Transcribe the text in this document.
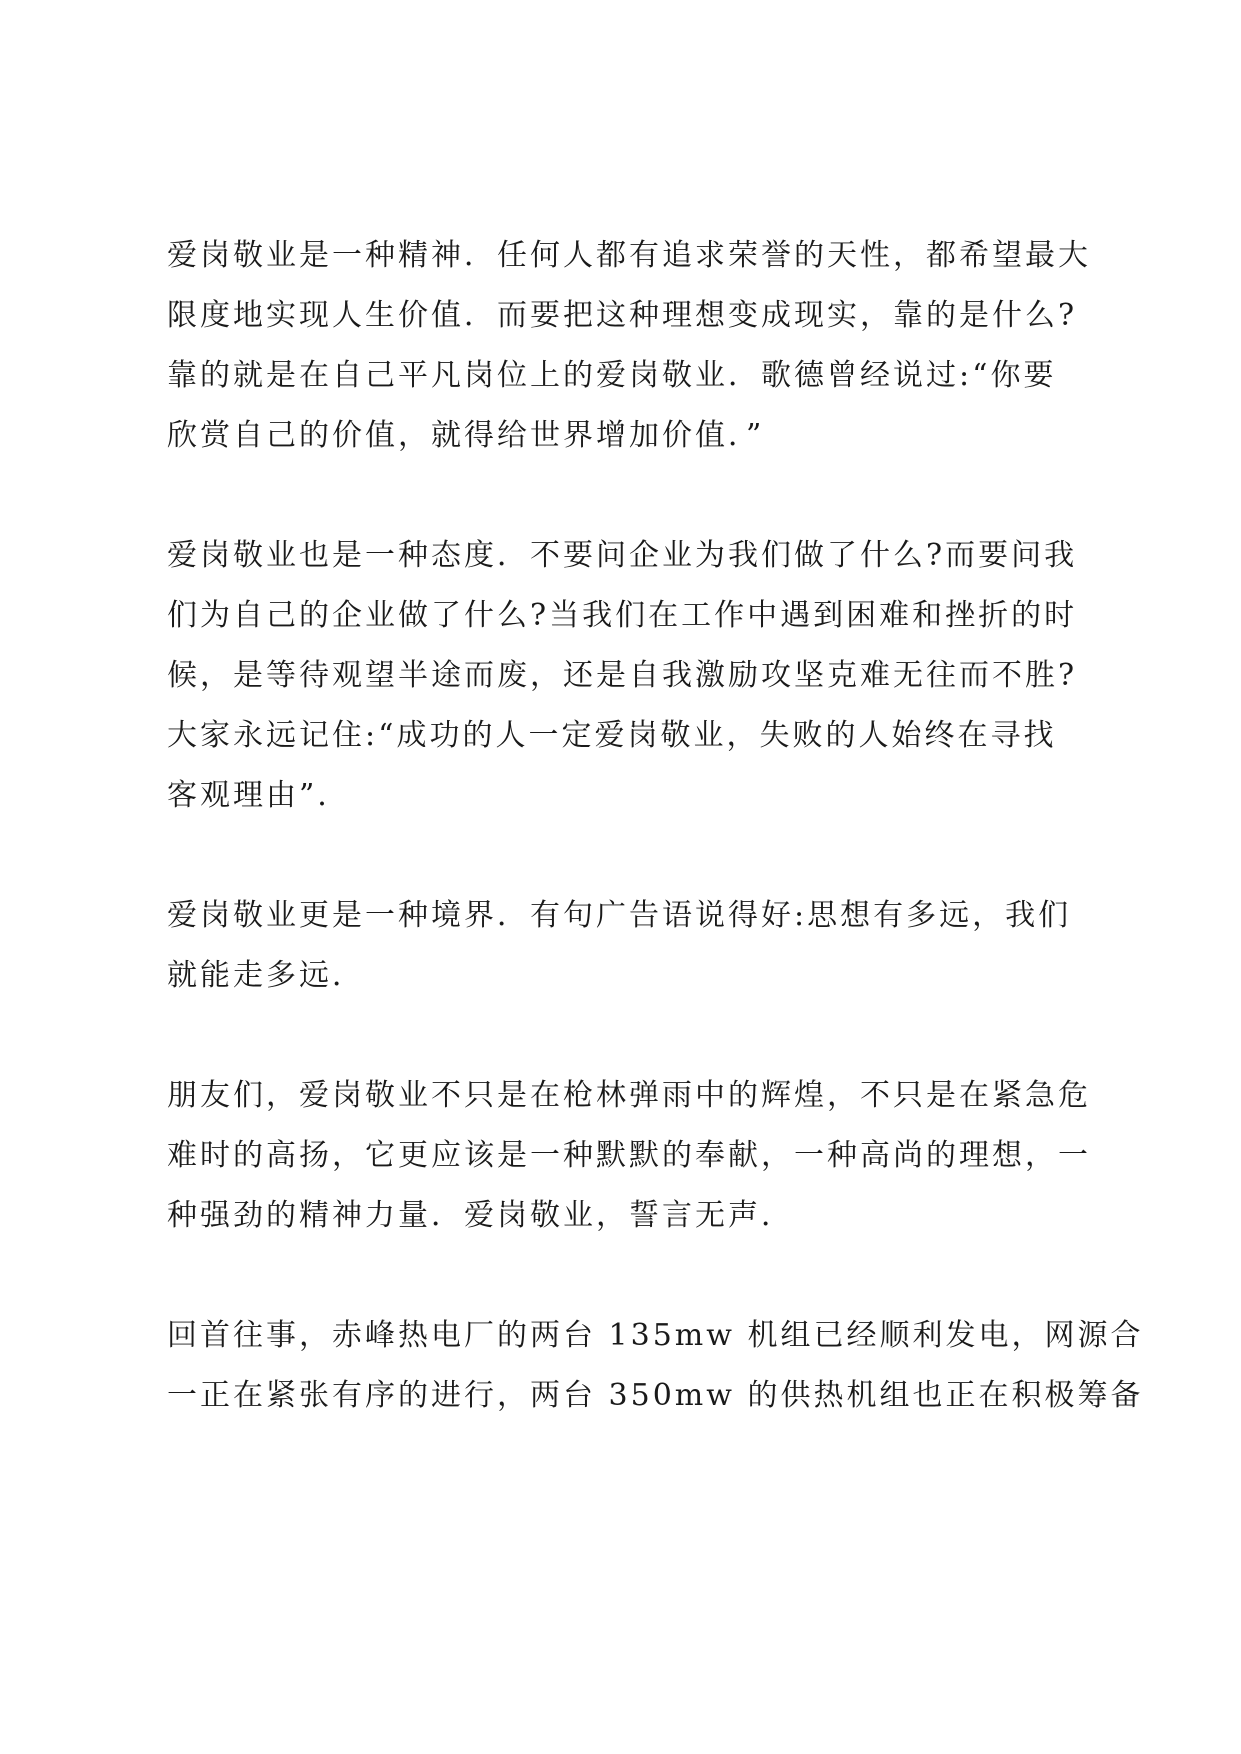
爱岗敬业是一种精神．任何人都有追求荣誉的天性，都希望最大
限度地实现人生价值．而要把这种理想变成现实，靠的是什么?
靠的就是在自己平凡岗位上的爱岗敬业．歌德曾经说过:“你要
欣赏自己的价值，就得给世界增加价值．”
爱岗敬业也是一种态度．不要问企业为我们做了什么?而要问我
们为自己的企业做了什么?当我们在工作中遇到困难和挫折的时
候，是等待观望半途而废，还是自我激励攻坚克难无往而不胜?
大家永远记住:“成功的人一定爱岗敬业，失败的人始终在寻找
客观理由”．
爱岗敬业更是一种境界．有句广告语说得好:思想有多远，我们
就能走多远．
朋友们，爱岗敬业不只是在枪林弹雨中的辉煌，不只是在紧急危
难时的高扬，它更应该是一种默默的奉献，一种高尚的理想，一
种强劲的精神力量．爱岗敬业，誓言无声．
回首往事，赤峰热电厂的两台 135mw 机组已经顺利发电，网源合
一正在紧张有序的进行，两台 350mw 的供热机组也正在积极筹备
